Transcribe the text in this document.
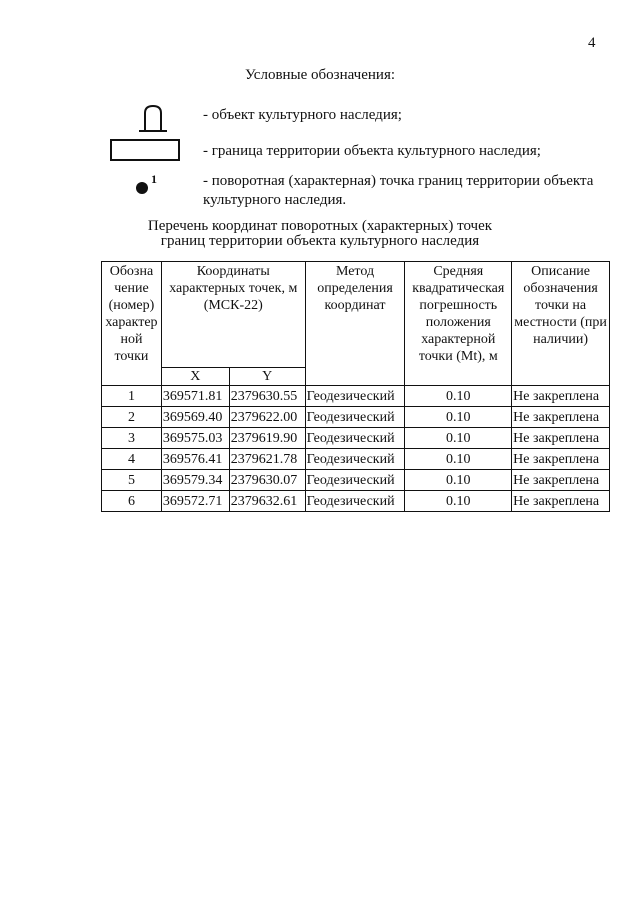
4
Условные обозначения:
- объект культурного наследия;
- граница территории объекта культурного наследия;
1	- поворотная (характерная) точка границ территории объекта культурного наследия.
Перечень координат поворотных (характерных) точек
границ территории объекта культурного наследия
Обозна чение (номер) характер ной точки	Координаты характерных точек, м (МСК-22)		Метод определения координат	Средняя квадратическая погрешность положения характерной точки (Mt), м	Описание обозначения точки на местности (при наличии)
	X	Y			
1	369571.81	2379630.55	Геодезический	0.10	Не закреплена
2	369569.40	2379622.00	Геодезический	0.10	Не закреплена
3	369575.03	2379619.90	Геодезический	0.10	Не закреплена
4	369576.41	2379621.78	Геодезический	0.10	Не закреплена
5	369579.34	2379630.07	Геодезический	0.10	Не закреплена
6	369572.71	2379632.61	Геодезический	0.10	Не закреплена
